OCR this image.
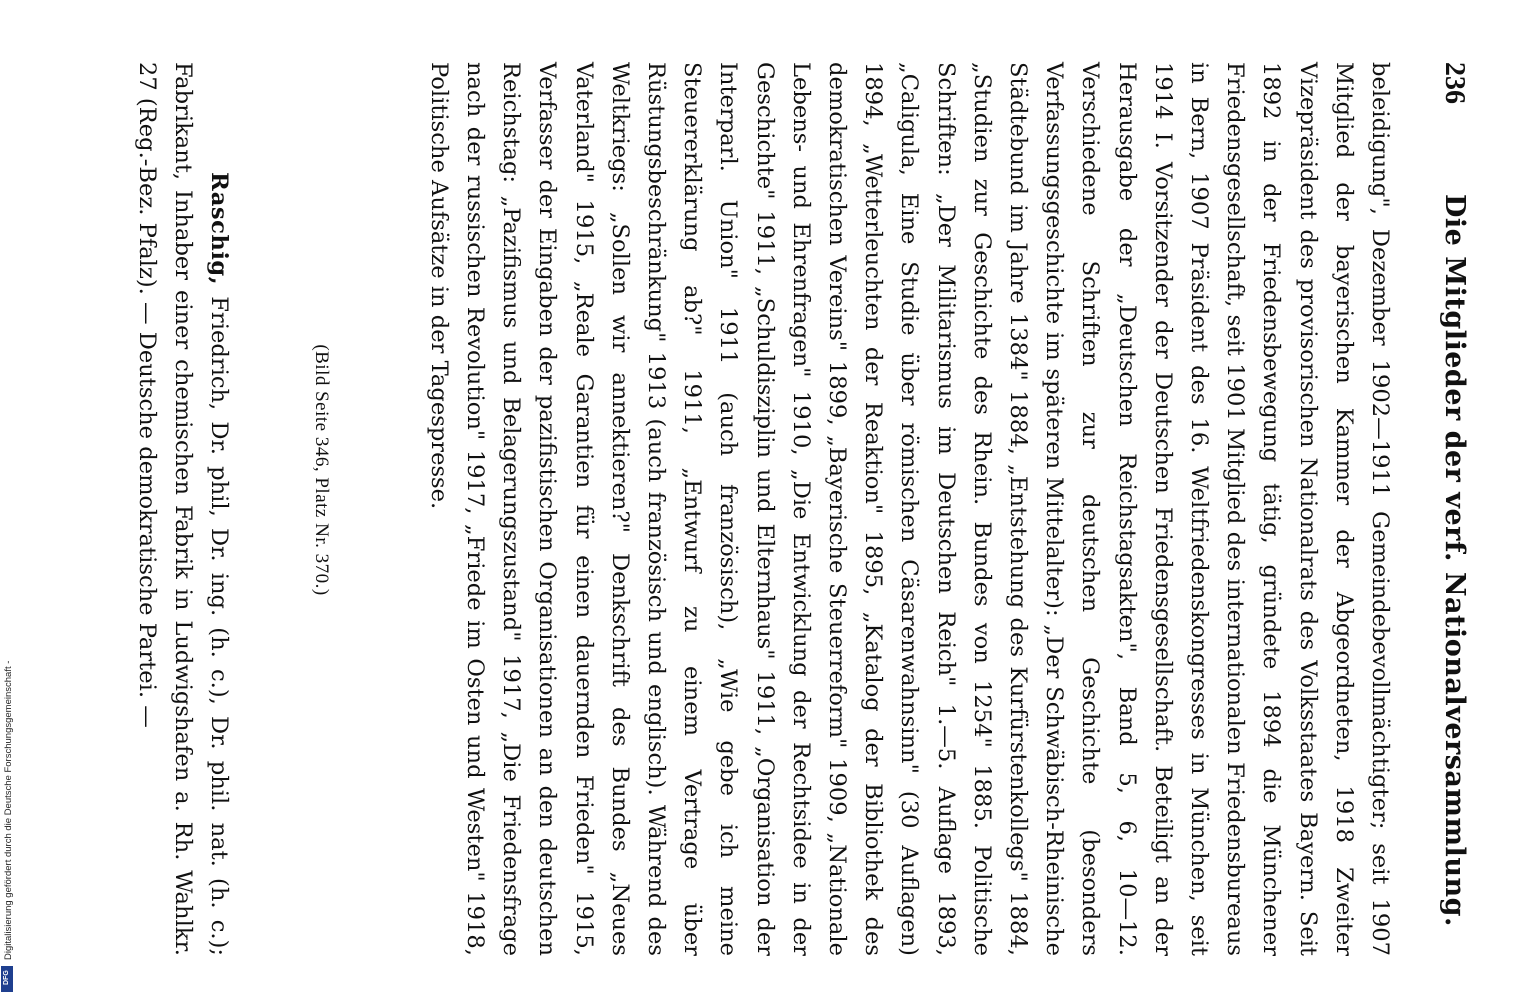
236
Die Mitglieder der verf. Nationalversammlung.

beleidigung", Dezember 1902—1911 Gemeindebevollmächtigter; seit 1907 Mitglied der bayerischen Kammer der Abgeordneten, 1918 Zweiter Vizepräsident des provisorischen Nationalrats des Volksstaates Bayern. Seit 1892 in der Friedensbewegung tätig, gründete 1894 die Münchener Friedensgesellschaft, seit 1901 Mitglied des internationalen Friedensbureaus in Bern, 1907 Präsident des 16. Weltfriedenskongresses in München, seit 1914 I. Vorsitzender der Deutschen Friedensgesellschaft. Beteiligt an der Herausgabe der „Deutschen Reichstagsakten", Band 5, 6, 10—12. Verschiedene Schriften zur deutschen Geschichte (besonders Verfassungsgeschichte im späteren Mittelalter): „Der Schwäbisch-Rheinische Städtebund im Jahre 1384" 1884, „Entstehung des Kurfürstenkollegs" 1884, „Studien zur Geschichte des Rhein. Bundes von 1254" 1885. Politische Schriften: „Der Militarismus im Deutschen Reich" 1.—5. Auflage 1893, „Caligula, Eine Studie über römischen Cäsarenwahnsinn" (30 Auflagen) 1894, „Wetterleuchten der Reaktion" 1895, „Katalog der Bibliothek des demokratischen Vereins" 1899, „Bayerische Steuerreform" 1909, „Nationale Lebens- und Ehrenfragen" 1910, „Die Entwicklung der Rechtsidee in der Geschichte" 1911, „Schuldisziplin und Elternhaus" 1911, „Organisation der Interparl. Union" 1911 (auch französisch), „Wie gebe ich meine Steuererklärung ab?" 1911, „Entwurf zu einem Vertrage über Rüstungsbeschränkung" 1913 (auch französisch und englisch). Während des Weltkriegs: „Sollen wir annektieren?" Denkschrift des Bundes „Neues Vaterland" 1915, „Reale Garantien für einen dauernden Frieden" 1915, Verfasser der Eingaben der pazifistischen Organisationen an den deutschen Reichstag: „Pazifismus und Belagerungszustand" 1917, „Die Friedensfrage nach der russischen Revolution" 1917, „Friede im Osten und Westen" 1918, Politische Aufsätze in der Tagespresse.

(Bild Seite 346, Platz Nr. 370.)

Raschig, Friedrich, Dr. phil, Dr. ing. (h. c.), Dr. phil. nat. (h. c.); Fabrikant, Inhaber einer chemischen Fabrik in Ludwigshafen a. Rh. Wahlkr. 27 (Reg.-Bez. Pfalz). — Deutsche demokratische Partei. —

Digitalisierung gefördert durch die Deutsche Forschungsgemeinschaft -
DFG
